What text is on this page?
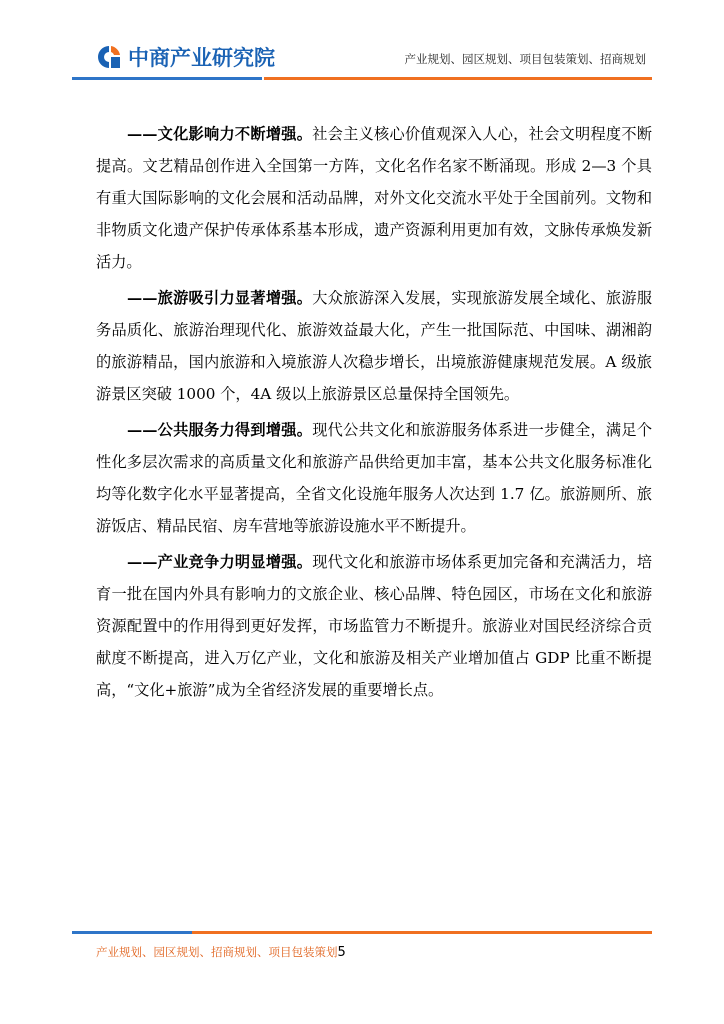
中商产业研究院	产业规划、园区规划、项目包装策划、招商规划

——文化影响力不断增强。社会主义核心价值观深入人心，社会文明程度不断提高。文艺精品创作进入全国第一方阵，文化名作名家不断涌现。形成 2—3 个具有重大国际影响的文化会展和活动品牌，对外文化交流水平处于全国前列。文物和非物质文化遗产保护传承体系基本形成，遗产资源利用更加有效，文脉传承焕发新活力。

——旅游吸引力显著增强。大众旅游深入发展，实现旅游发展全域化、旅游服务品质化、旅游治理现代化、旅游效益最大化，产生一批国际范、中国味、湖湘韵的旅游精品，国内旅游和入境旅游人次稳步增长，出境旅游健康规范发展。A 级旅游景区突破 1000 个，4A 级以上旅游景区总量保持全国领先。

——公共服务力得到增强。现代公共文化和旅游服务体系进一步健全，满足个性化多层次需求的高质量文化和旅游产品供给更加丰富，基本公共文化服务标准化均等化数字化水平显著提高，全省文化设施年服务人次达到 1.7 亿。旅游厕所、旅游饭店、精品民宿、房车营地等旅游设施水平不断提升。

——产业竞争力明显增强。现代文化和旅游市场体系更加完备和充满活力，培育一批在国内外具有影响力的文旅企业、核心品牌、特色园区，市场在文化和旅游资源配置中的作用得到更好发挥，市场监管力不断提升。旅游业对国民经济综合贡献度不断提高，进入万亿产业，文化和旅游及相关产业增加值占 GDP 比重不断提高，“文化+旅游”成为全省经济发展的重要增长点。

产业规划、园区规划、招商规划、项目包装策划5
